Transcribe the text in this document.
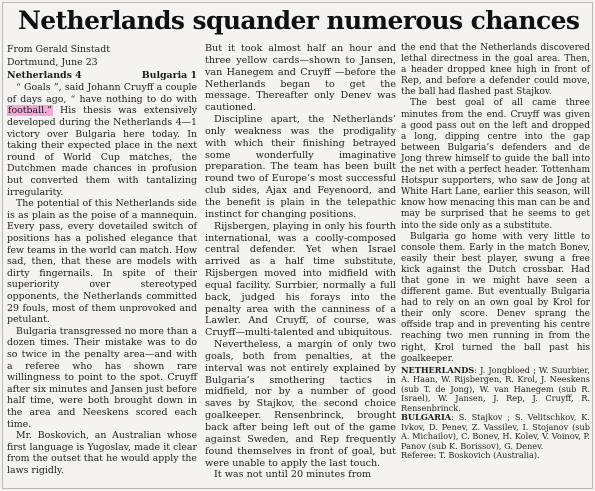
Netherlands squander numerous chances
From Gerald Sinstadt
Dortmund, June 23
Netherlands 4	Bulgaria 1

“ Goals ”, said Johann Cruyff a couple of days ago, “ have nothing to do with football.” His thesis was extensively developed during the Netherlands 4—1 victory over Bulgaria here today. In taking their expected place in the next round of World Cup matches, the Dutchmen made chances in profusion but converted them with tantalizing irregularity.

The potential of this Netherlands side is as plain as the poise of a mannequin. Every pass, every dovetailed switch of positions has a polished elegance that few teams in the world can match. How sad, then, that these are models with dirty fingernails. In spite of their superiority over stereotyped opponents, the Netherlands committed 29 fouls, most of them unprovoked and petulant.

Bulgaria transgressed no more than a dozen times. Their mistake was to do so twice in the penalty area—and with a referee who has shown rare willingness to point to the spot. Cruyff after six minutes and Jansen just before half time, were both brought down in the area and Neeskens scored each time.

Mr. Boskovich, an Australian whose first language is Yugoslav, made it clear from the outset that he would apply the laws rigidly.

But it took almost half an hour and three yellow cards—shown to Jansen, van Hanegem and Cruyff —before the Netherlands began to get the message. Thereafter only Denev was cautioned.

Discipline apart, the Netherlands’ only weakness was the prodigality with which their finishing betrayed some wonderfully imaginative preparation. The team has been built round two of Europe’s most successful club sides, Ajax and Feyenoord, and the benefit is plain in the telepathic instinct for changing positions.

Rijsbergen, playing in only his fourth international, was a coolly-composed central defender. Yet when Israel arrived as a half time substitute, Rijsbergen moved into midfield with equal facility. Surrbier, normally a full back, judged his forays into the penalty area with the canniness of a Lawler. And Cruyff, of course, was Cruyff—multi-talented and ubiquitous.

Nevertheless, a margin of only two goals, both from penalties, at the interval was not entirely explained by Bulgaria’s smothering tactics in midfield, nor by a number of good saves by Stajkov, the second choice goalkeeper. Rensenbrinck, brought back after being left out of the game against Sweden, and Rep frequently found themselves in front of goal, but were unable to apply the last touch.

It was not until 20 minutes from

the end that the Netherlands discovered lethal directness in the goal area. Then, a header dropped knee high in front of Rep, and before a defender could move, the ball had flashed past Stajkov.

The best goal of all came three minutes from the end. Cruyff was given a good pass out on the left and dropped a long, dipping centre into the gap between Bulgaria’s defenders and de Jong threw himself to guide the ball into the net with a perfect header. Tottenham Hotspur supporters, who saw de Jong at White Hart Lane, earlier this season, will know how menacing this man can be and may be surprised that he seems to get into the side only as a substitute.

Bulgaria go home with very little to console them. Early in the match Bonev, easily their best player, swung a free kick against the Dutch crossbar. Had that gone in we might have seen a different game. But eventually Bulgaria had to rely on an own goal by Krol for their only score. Denev sprang the offside trap and in preventing his centre reaching two men running in from the right, Krol turned the ball past his goalkeeper.

NETHERLANDS: J. Jongbloed ; W. Suurbier, A. Haan, W. Rijsbergen, R. Krol, J. Neeskens (sub T. de Jong), W. van Hanegem (sub R. Israel), W. Jansen, J. Rep, J. Cruyff, R. Rensenbrinck.

BULGARIA: S. Stajkov ; S. Velitschkov, K. Ivkov, D. Penev, Z. Vassilev, I. Stojanov (sub A. Michailov), C. Bonev, H. Kolev, V. Voinov, P. Panov (sub K. Borissov), G. Denev.

Referee: T. Boskovich (Australia).
